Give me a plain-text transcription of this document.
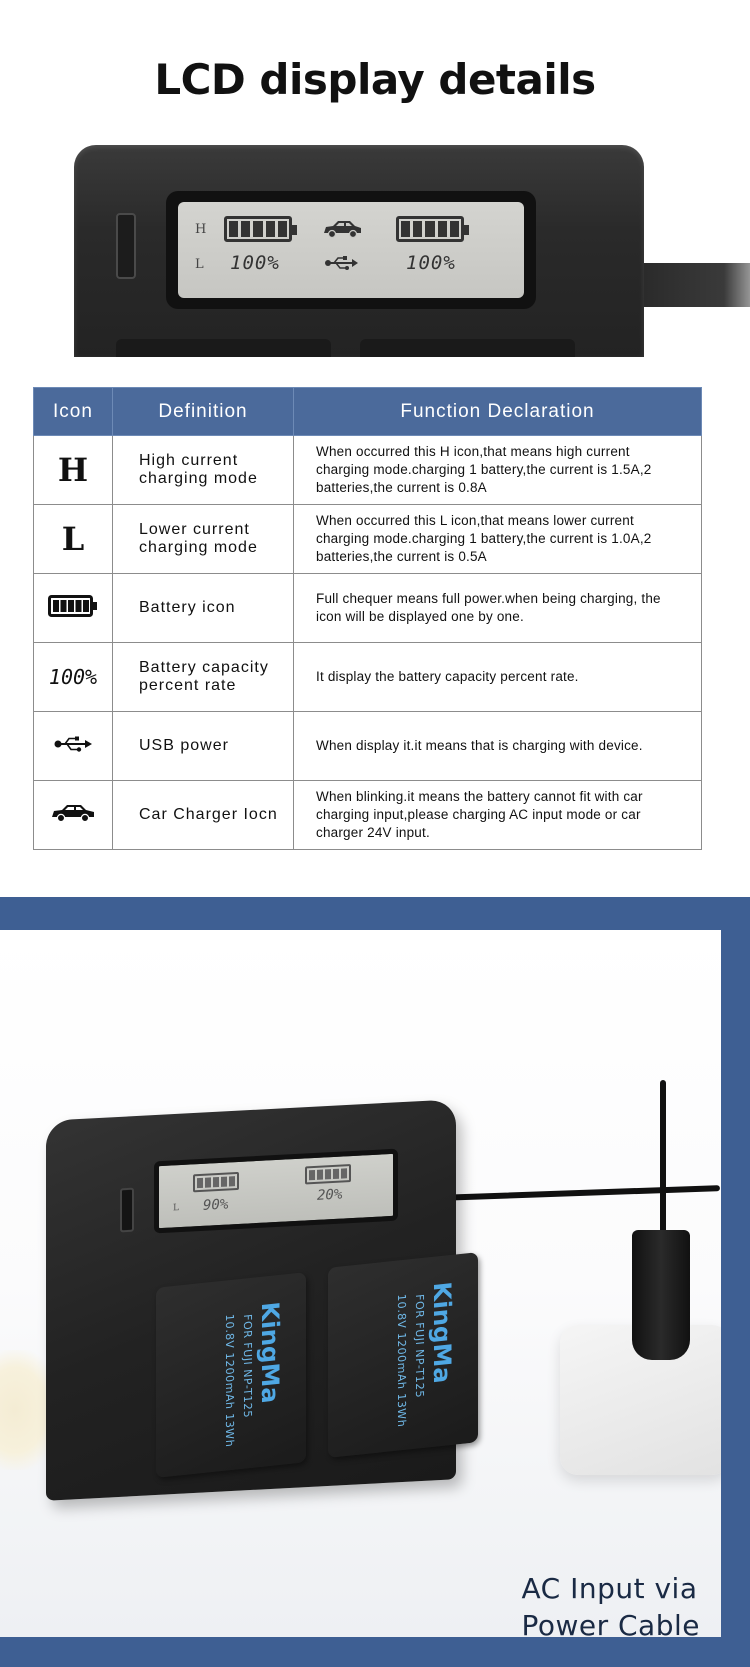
LCD display details
H
L 100%	100%
Icon	Definition	Function Declaration
H	High current charging mode	When occurred this H icon,that means high current charging mode.charging 1 battery,the current is 1.5A,2 batteries,the current is 0.8A
L	Lower current charging mode	When occurred this L icon,that means lower current charging mode.charging 1 battery,the current is 1.0A,2 batteries,the current is 0.5A

	Battery icon	Full chequer means full power.when being charging, the icon will be displayed one by one.
100%	Battery capacity percent rate	It display the battery capacity percent rate.

	USB power	When display it.it means that is charging with device.

	Car Charger Iocn	When blinking.it means the battery cannot fit with car charging input,please charging AC input mode or car charger 24V input.
L 90%
20%
KingMa
FOR FUJI NP-T125
10.8V 1200mAh 13Wh	KingMa
FOR FUJI NP-T125
10.8V 1200mAh 13Wh
AC Input via
Power Cable
